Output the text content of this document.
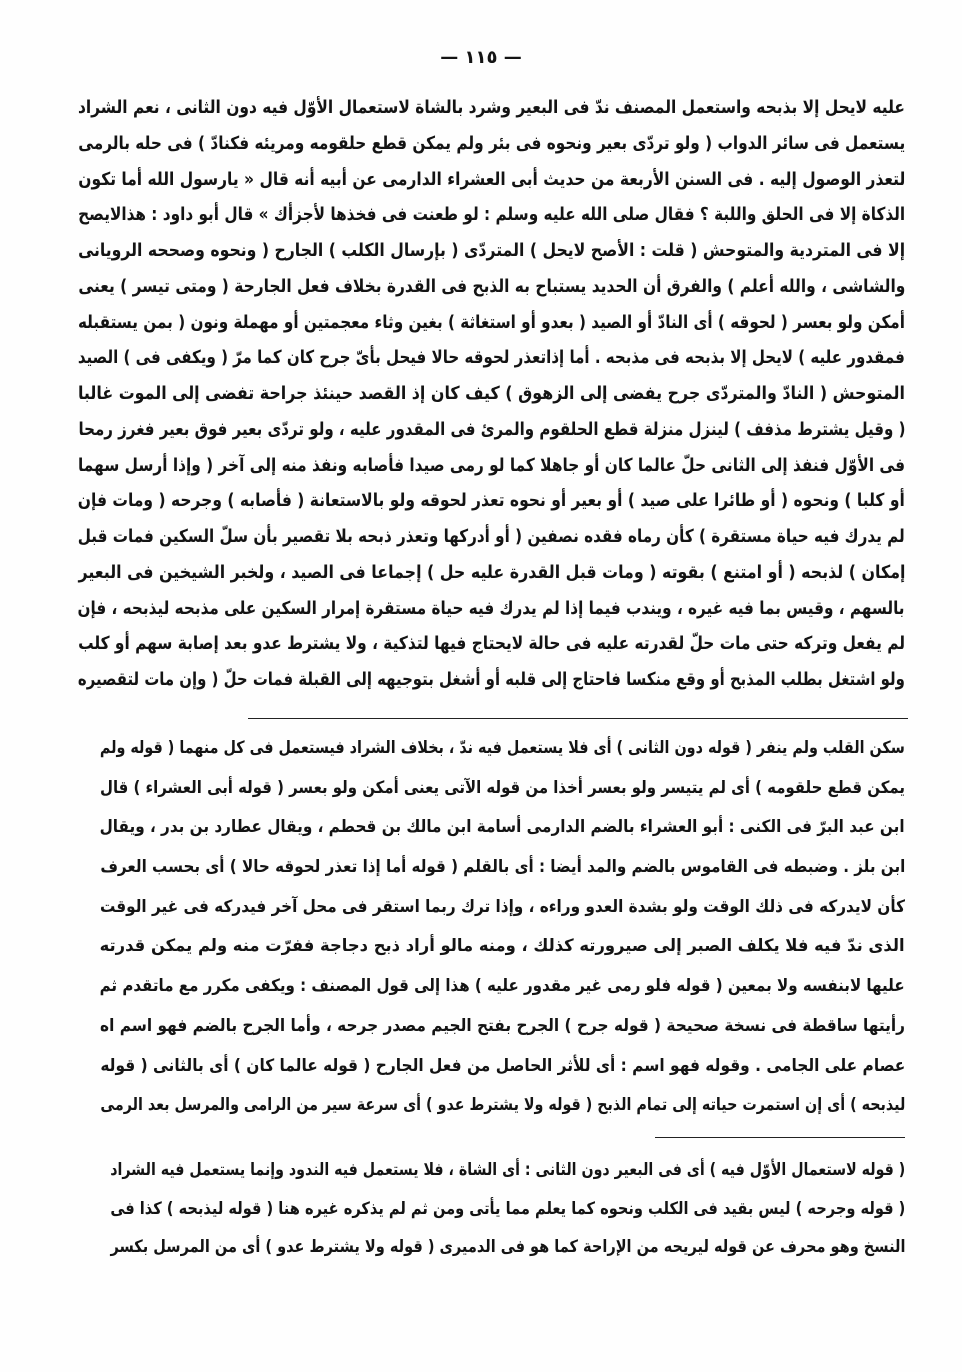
— ١١٥ —
عليه لايحل إلا بذبحه واستعمل المصنف ندّ فى البعير وشرد بالشاة لاستعمال الأوّل فيه دون الثانى ، نعم الشراد
يستعمل فى سائر الدواب ( ولو تردّى بعير ونحوه فى بئر ولم يمكن قطع حلقومه ومريئه فكنادّ ) فى حله بالرمى
لتعذر الوصول إليه . فى السنن الأربعة من حديث أبى العشراء الدارمى عن أبيه أنه قال « يارسول الله أما تكون
الذكاة إلا فى الحلق واللبة ؟ فقال صلى الله عليه وسلم : لو طعنت فى فخذها لأجزأك » قال أبو داود : هذالايصح
إلا فى المتردية والمتوحش ( قلت : الأصح لايحل ) المتردّى ( بإرسال الكلب ) الجارح ( ونحوه وصححه الرويانى
والشاشى ، والله أعلم ) والفرق أن الحديد يستباح به الذبح فى القدرة بخلاف فعل الجارحة ( ومتى تيسر ) يعنى
أمكن ولو بعسر ( لحوقه ) أى النادّ أو الصيد ( بعدو أو استغاثة ) بغين وثاء معجمتين أو مهملة ونون ( بمن يستقبله
فمقدور عليه ) لايحل إلا بذبحه فى مذبحه . أما إذاتعذر لحوقه حالا فيحل بأىّ جرح كان كما مرّ ( ويكفى فى ) الصيد
المتوحش ( النادّ والمتردّى جرح يفضى إلى الزهوق ) كيف كان إذ القصد حينئذ جراحة تفضى إلى الموت غالبا
( وقيل يشترط مذفف ) لينزل منزلة قطع الحلقوم والمرئ فى المقدور عليه ، ولو تردّى بعير فوق بعير فغرز رمحا
فى الأوّل فنفذ إلى الثانى حلّ عالما كان أو جاهلا كما لو رمى صيدا فأصابه ونفذ منه إلى آخر ( وإذا أرسل سهما
أو كلبا ) ونحوه ( أو طائرا على صيد ) أو بعير أو نحوه تعذر لحوقه ولو بالاستعانة ( فأصابه ) وجرحه ( ومات فإن
لم يدرك فيه حياة مستقرة ) كأن رماه فقده نصفين ( أو أدركها وتعذر ذبحه بلا تقصير بأن سلّ السكين فمات قبل
إمكان ) لذبحه ( أو امتنع ) بقوته ( ومات قبل القدرة عليه حل ) إجماعا فى الصيد ، ولخبر الشيخين فى البعير
بالسهم ، وقيس بما فيه غيره ، ويندب فيما إذا لم يدرك فيه حياة مستقرة إمرار السكين على مذبحه ليذبحه ، فإن
لم يفعل وتركه حتى مات حلّ لقدرته عليه فى حالة لايحتاج فيها لتذكية ، ولا يشترط عدو بعد إصابة سهم أو كلب
ولو اشتغل بطلب المذبح أو وقع منكسا فاحتاج إلى قلبه أو أشغل بتوجيهه إلى القبلة فمات حلّ ( وإن مات لتقصيره
سكن القلب ولم ينفر ( قوله دون الثانى ) أى فلا يستعمل فيه ندّ ، بخلاف الشراد فيستعمل فى كل منهما ( قوله ولم
يمكن قطع حلقومه ) أى لم يتيسر ولو بعسر أخذا من قوله الآتى يعنى أمكن ولو بعسر ( قوله أبى العشراء ) قال
ابن عبد البرّ فى الكنى : أبو العشراء بالضم الدارمى أسامة ابن مالك بن قحطم ، ويقال عطارد بن بدر ، ويقال
ابن بلز . وضبطه فى القاموس بالضم والمد أيضا : أى بالقلم ( قوله أما إذا تعذر لحوقه حالا ) أى بحسب العرف
كأن لايدركه فى ذلك الوقت ولو بشدة العدو وراءه ، وإذا ترك ربما استقر فى محل آخر فيدركه فى غير الوقت
الذى ندّ فيه فلا يكلف الصبر إلى صيرورته كذلك ، ومنه مالو أراد ذبح دجاجة ففرّت منه ولم يمكن قدرته
عليها لابنفسه ولا بمعين ( قوله فلو رمى غير مقدور عليه ) هذا إلى قول المصنف : ويكفى مكرر مع ماتقدم ثم
رأيتها ساقطة فى نسخة صحيحة ( قوله جرح ) الجرح بفتح الجيم مصدر جرحه ، وأما الجرح بالضم فهو اسم اه
عصام على الجامى . وقوله فهو اسم : أى للأثر الحاصل من فعل الجارح ( قوله عالما كان ) أى بالثانى ( قوله
ليذبحه ) أى إن استمرت حياته إلى تمام الذبح ( قوله ولا يشترط عدو ) أى سرعة سير من الرامى والمرسل بعد الرمى
( قوله لاستعمال الأوّل فيه ) أى فى البعير دون الثانى : أى الشاة ، فلا يستعمل فيه الندود وإنما يستعمل فيه الشراد
( قوله وجرحه ) ليس بقيد فى الكلب ونحوه كما يعلم مما يأتى ومن ثم لم يذكره غيره هنا ( قوله ليذبحه ) كذا فى
النسخ وهو محرف عن قوله ليريحه من الإراحة كما هو فى الدميرى ( قوله ولا يشترط عدو ) أى من المرسل بكسر
